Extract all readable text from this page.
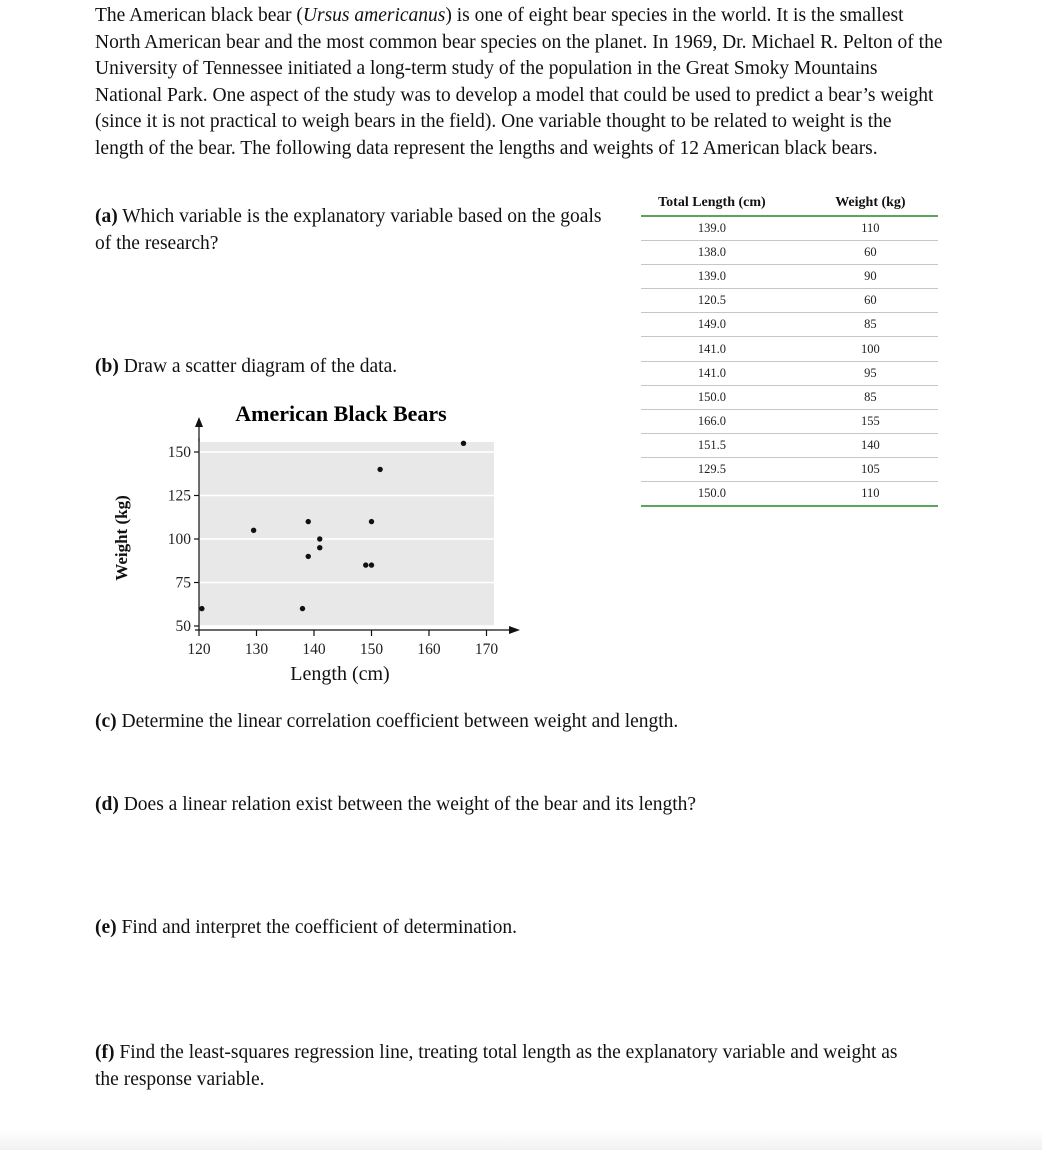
The American black bear (Ursus americanus) is one of eight bear species in the world. It is the smallest North American bear and the most common bear species on the planet. In 1969, Dr. Michael R. Pelton of the University of Tennessee initiated a long-term study of the population in the Great Smoky Mountains National Park. One aspect of the study was to develop a model that could be used to predict a bear’s weight (since it is not practical to weigh bears in the field). One variable thought to be related to weight is the length of the bear. The following data represent the lengths and weights of 12 American black bears.

(a) Which variable is the explanatory variable based on the goals of the research?

(b) Draw a scatter diagram of the data.

(c) Determine the linear correlation coefficient between weight and length.

(d) Does a linear relation exist between the weight of the bear and its length?

(e) Find and interpret the coefficient of determination.

(f) Find the least-squares regression line, treating total length as the explanatory variable and weight as the response variable.

Total Length (cm)	Weight (kg)
139.0	110
138.0	60
139.0	90
120.5	60
149.0	85
141.0	100
141.0	95
150.0	85
166.0	155
151.5	140
129.5	105
150.0	110
American Black Bears
120 130 140 150 160 170
50
75
100
125
150
Length (cm)
Weight (kg)
